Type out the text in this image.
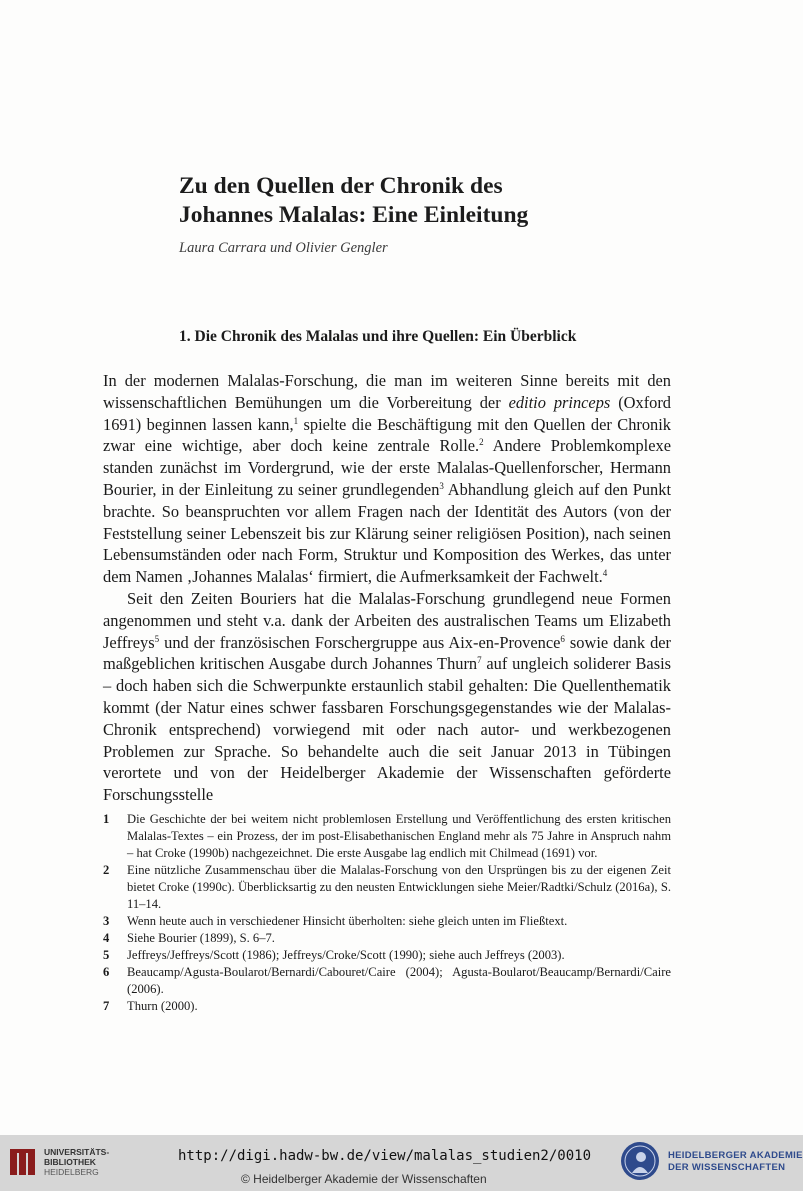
Zu den Quellen der Chronik des
Johannes Malalas: Eine Einleitung
Laura Carrara und Olivier Gengler
1. Die Chronik des Malalas und ihre Quellen: Ein Überblick

In der modernen Malalas-Forschung, die man im weiteren Sinne bereits mit den wissenschaftlichen Bemühungen um die Vorbereitung der editio princeps (Oxford 1691) beginnen lassen kann,$^1$ spielte die Beschäftigung mit den Quellen der Chronik zwar eine wichtige, aber doch keine zentrale Rolle.$^2$ Andere Problemkomplexe standen zunächst im Vordergrund, wie der erste Malalas-Quellenforscher, Hermann Bourier, in der Einleitung zu seiner grundlegenden$^3$ Abhandlung gleich auf den Punkt brachte. So beanspruchten vor allem Fragen nach der Identität des Autors (von der Feststellung seiner Lebenszeit bis zur Klärung seiner religiösen Position), nach seinen Lebensumständen oder nach Form, Struktur und Komposition des Werkes, das unter dem Namen ‚Johannes Malalas‘ firmiert, die Aufmerksamkeit der Fachwelt.$^4$

Seit den Zeiten Bouriers hat die Malalas-Forschung grundlegend neue Formen angenommen und steht v.a. dank der Arbeiten des australischen Teams um Elizabeth Jeffreys$^5$ und der französischen Forschergruppe aus Aix-en-Provence$^6$ sowie dank der maßgeblichen kritischen Ausgabe durch Johannes Thurn$^7$ auf ungleich soliderer Basis – doch haben sich die Schwerpunkte erstaunlich stabil gehalten: Die Quellenthematik kommt (der Natur eines schwer fassbaren Forschungsgegenstandes wie der Malalas-Chronik entsprechend) vorwiegend mit oder nach autor- und werkbezogenen Problemen zur Sprache. So behandelte auch die seit Januar 2013 in Tübingen verortete und von der Heidelberger Akademie der Wissenschaften geförderte Forschungsstelle

1	Die Geschichte der bei weitem nicht problemlosen Erstellung und Veröffentlichung des ersten kritischen Malalas-Textes – ein Prozess, der im post-Elisabethanischen England mehr als 75 Jahre in Anspruch nahm – hat Croke (1990b) nachgezeichnet. Die erste Ausgabe lag endlich mit Chilmead (1691) vor.
2	Eine nützliche Zusammenschau über die Malalas-Forschung von den Ursprüngen bis zu der eigenen Zeit bietet Croke (1990c). Überblicksartig zu den neusten Entwicklungen siehe Meier/Radtki/Schulz (2016a), S. 11–14.
3	Wenn heute auch in verschiedener Hinsicht überholten: siehe gleich unten im Fließtext.
4	Siehe Bourier (1899), S. 6–7.
5	Jeffreys/Jeffreys/Scott (1986); Jeffreys/Croke/Scott (1990); siehe auch Jeffreys (2003).
6	Beaucamp/Agusta-Boularot/Bernardi/Cabouret/Caire (2004); Agusta-Boularot/Beaucamp/Bernardi/Caire (2006).
7	Thurn (2000).
UNIVERSITÄTS-
BIBLIOTHEK
HEIDELBERG
http://digi.hadw-bw.de/view/malalas_studien2/0010
© Heidelberger Akademie der Wissenschaften
HEIDELBERGER AKADEMIE
DER WISSENSCHAFTEN
